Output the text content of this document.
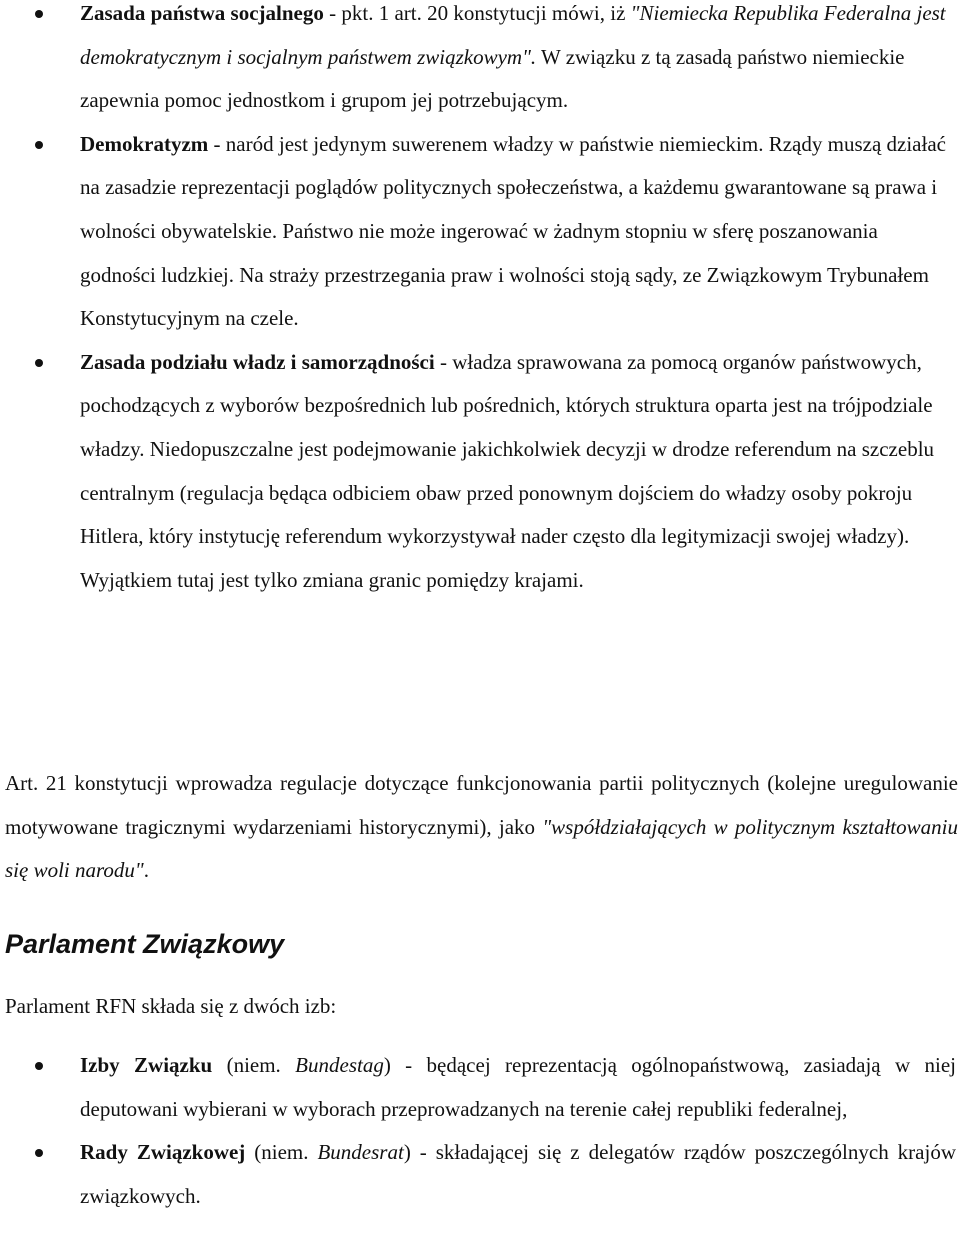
Zasada państwa socjalnego - pkt. 1 art. 20 konstytucji mówi, iż "Niemiecka Republika Federalna jest demokratycznym i socjalnym państwem związkowym". W związku z tą zasadą państwo niemieckie zapewnia pomoc jednostkom i grupom jej potrzebującym.
Demokratyzm - naród jest jedynym suwerenem władzy w państwie niemieckim. Rządy muszą działać na zasadzie reprezentacji poglądów politycznych społeczeństwa, a każdemu gwarantowane są prawa i wolności obywatelskie. Państwo nie może ingerować w żadnym stopniu w sferę poszanowania godności ludzkiej. Na straży przestrzegania praw i wolności stoją sądy, ze Związkowym Trybunałem Konstytucyjnym na czele.
Zasada podziału władz i samorządności - władza sprawowana za pomocą organów państwowych, pochodzących z wyborów bezpośrednich lub pośrednich, których struktura oparta jest na trójpodziale władzy. Niedopuszczalne jest podejmowanie jakichkolwiek decyzji w drodze referendum na szczeblu centralnym (regulacja będąca odbiciem obaw przed ponownym dojściem do władzy osoby pokroju Hitlera, który instytucję referendum wykorzystywał nader często dla legitymizacji swojej władzy). Wyjątkiem tutaj jest tylko zmiana granic pomiędzy krajami.

Art. 21 konstytucji wprowadza regulacje dotyczące funkcjonowania partii politycznych (kolejne uregulowanie motywowane tragicznymi wydarzeniami historycznymi), jako "współdziałających w politycznym kształtowaniu się woli narodu".

Parlament Związkowy

Parlament RFN składa się z dwóch izb:

Izby Związku (niem. Bundestag) - będącej reprezentacją ogólnopaństwową, zasiadają w niej deputowani wybierani w wyborach przeprowadzanych na terenie całej republiki federalnej,
Rady Związkowej (niem. Bundesrat) - składającej się z delegatów rządów poszczególnych krajów związkowych.
